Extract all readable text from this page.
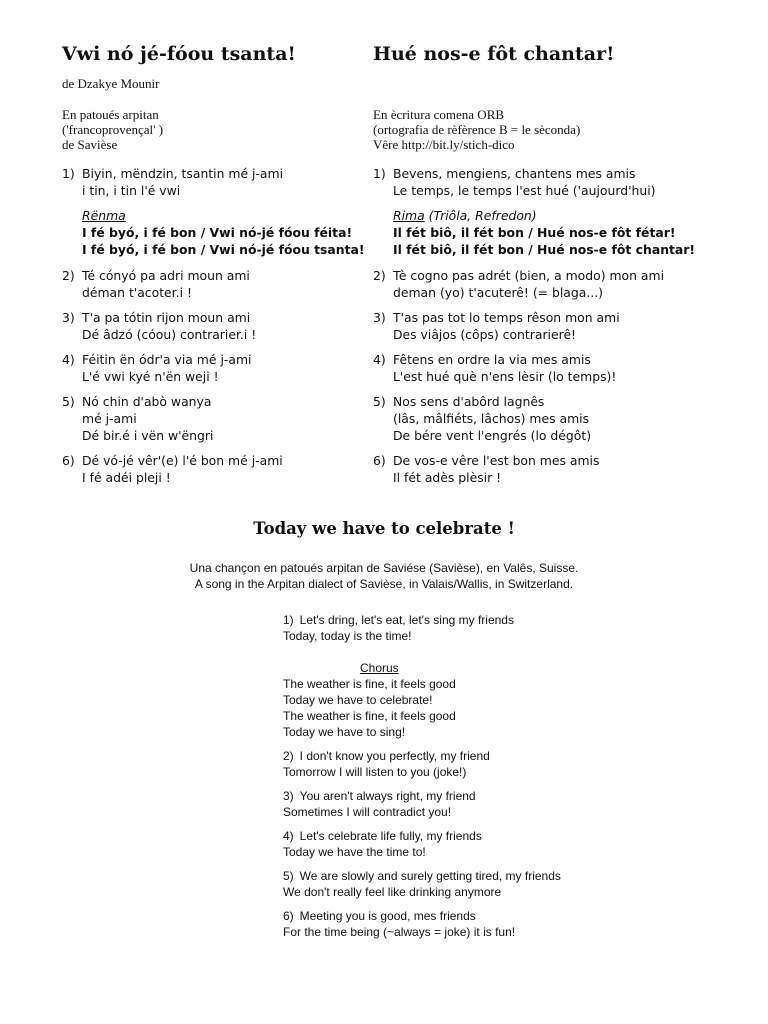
Vwi nó jé-fóou tsanta!
de Dzakye Mounir
En patoués arpitan
('francoprovençal' )
de Savièse
1) Biyin, mëndzin, tsantin mé j-ami
i tin, i tin l'é vwi
Rënma
I fé byó, i fé bon / Vwi nó-jé fóou féita!
I fé byó, i fé bon / Vwi nó-jé fóou tsanta!
2) Té cónyó pa adri moun ami
déman t'acoter.i !
3) T'a pa tótin rijon moun ami
Dé âdzó (cóou) contrarier.i !
4) Féitin ën ódr'a via mé j-ami
L'é vwi kyé n'ën weji !
5) Nó chin d'abò wanya
mé j-ami
Dé bir.é i vën w'ëngri
6) Dé vó-jé vêr'(e) l'é bon mé j-ami
I fé adéi pleji !
Hué nos-e fôt chantar!

En ècritura comena ORB
(ortografia de rèfèrence B = le sèconda)
Vêre http://bit.ly/stich-dico
1) Bevens, mengiens, chantens mes amis
Le temps, le temps l'est hué ('aujourd'hui)
Rima (Triôla, Refredon)
Il fét biô, il fét bon / Hué nos-e fôt fétar!
Il fét biô, il fét bon / Hué nos-e fôt chantar!
2) Tè cogno pas adrét (bien, a modo) mon ami
deman (yo) t'acuterê! (= blaga...)
3) T'as pas tot lo temps rêson mon ami
Des viâjos (côps) contrarierê!
4) Fêtens en ordre la via mes amis
L'est hué què n'ens lèsir (lo temps)!
5) Nos sens d'abôrd lagnês
(lâs, mâlfiéts, lâchos) mes amis
De bére vent l'engrés (lo dégôt)
6) De vos-e vêre l'est bon mes amis
Il fét adès plèsir !
Today we have to celebrate !
Una chançon en patoués arpitan de Saviése (Savièse), en Valês, Suisse.
A song in the Arpitan dialect of Savièse, in Valais/Wallis, in Switzerland.
1) Let's dring, let's eat, let's sing my friends
Today, today is the time!
Chorus
The weather is fine, it feels good
Today we have to celebrate!
The weather is fine, it feels good
Today we have to sing!
2) I don't know you perfectly, my friend
Tomorrow I will listen to you (joke!)
3) You aren't always right, my friend
Sometimes I will contradict you!
4) Let's celebrate life fully, my friends
Today we have the time to!
5) We are slowly and surely getting tired, my friends
We don't really feel like drinking anymore
6) Meeting you is good, mes friends
For the time being (~always = joke) it is fun!
